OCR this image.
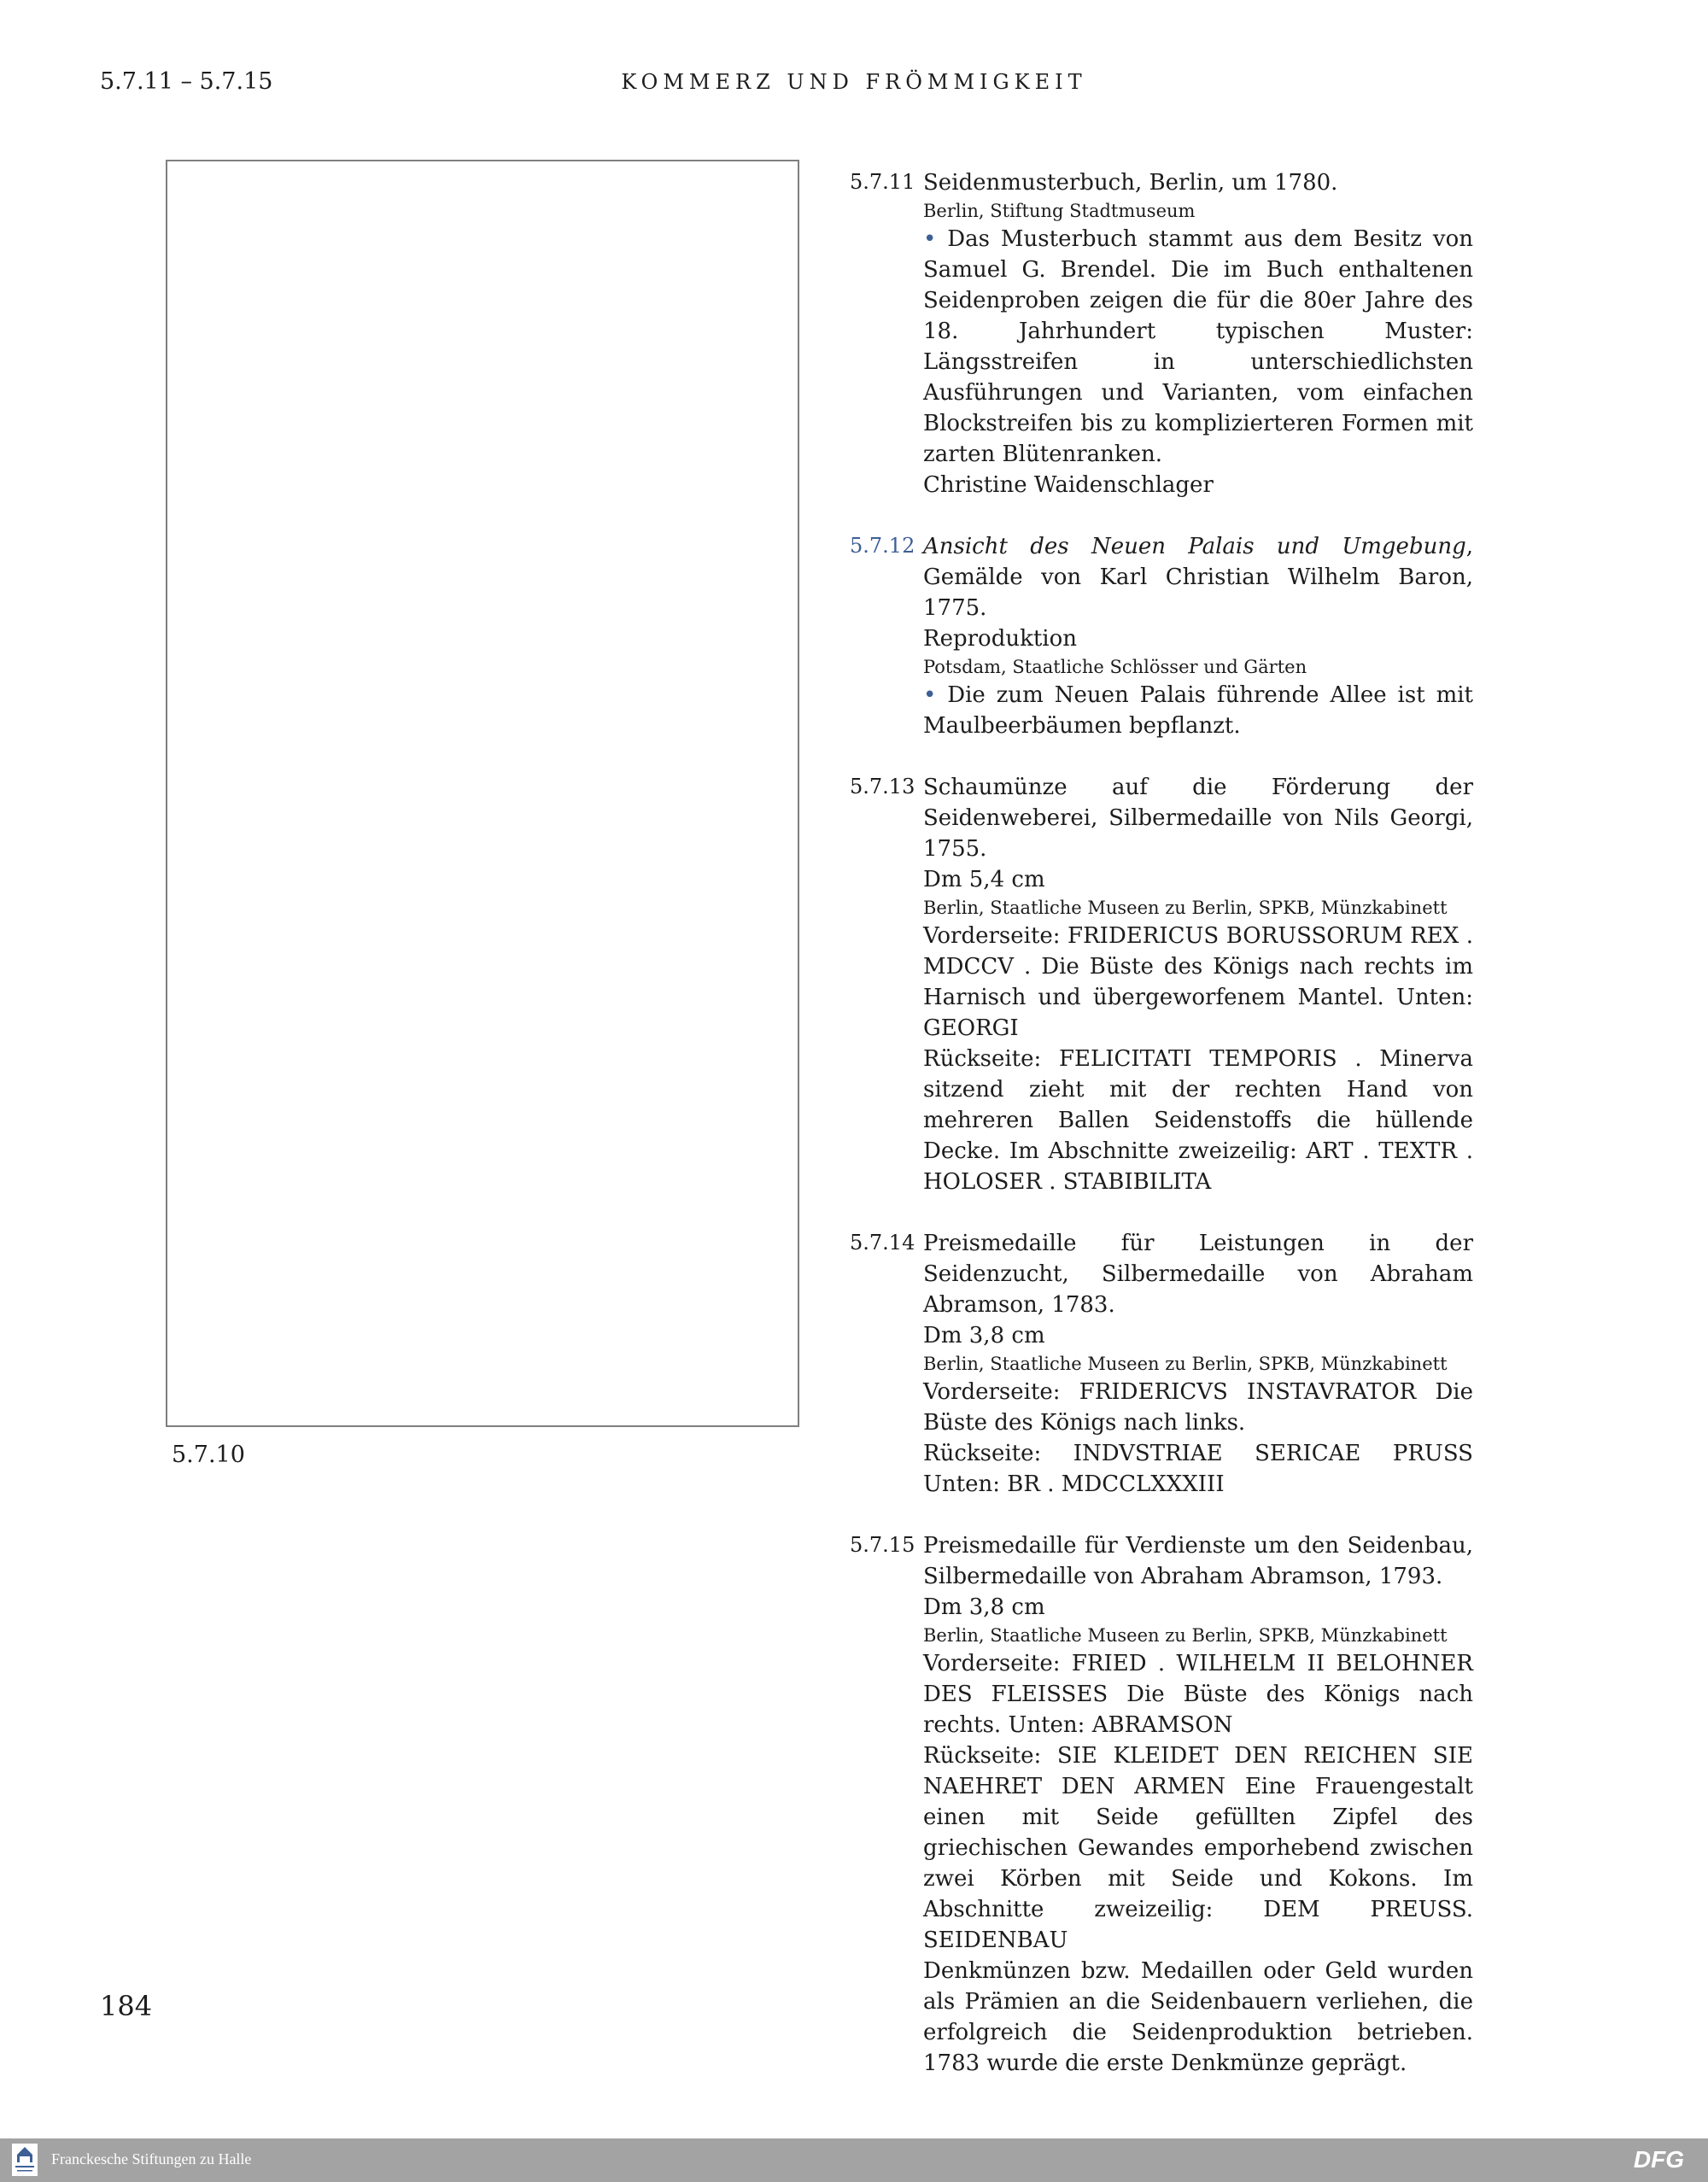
5.7.11 – 5.7.15	KOMMERZ UND FRÖMMIGKEIT
5.7.10
5.7.11 Seidenmusterbuch, Berlin, um 1780.
Berlin, Stiftung Stadtmuseum
• Das Musterbuch stammt aus dem Besitz von Samuel G. Brendel. Die im Buch enthaltenen Seidenproben zeigen die für die 80er Jahre des 18. Jahrhundert typischen Muster: Längsstreifen in unterschiedlichsten Ausführungen und Varianten, vom einfachen Blockstreifen bis zu komplizierteren Formen mit zarten Blütenranken.
Christine Waidenschlager
5.7.12 Ansicht des Neuen Palais und Umgebung, Gemälde von Karl Christian Wilhelm Baron, 1775.
Reproduktion
Potsdam, Staatliche Schlösser und Gärten
• Die zum Neuen Palais führende Allee ist mit Maulbeerbäumen bepflanzt.
5.7.13 Schaumünze auf die Förderung der Seidenweberei, Silbermedaille von Nils Georgi, 1755.
Dm 5,4 cm
Berlin, Staatliche Museen zu Berlin, SPKB, Münzkabinett
Vorderseite: FRIDERICUS BORUSSORUM REX . MDCCV . Die Büste des Königs nach rechts im Harnisch und übergeworfenem Mantel. Unten: GEORGI
Rückseite: FELICITATI TEMPORIS . Minerva sitzend zieht mit der rechten Hand von mehreren Ballen Seidenstoffs die hüllende Decke. Im Abschnitte zweizeilig: ART . TEXTR . HOLOSER . STABIBILITA
5.7.14 Preismedaille für Leistungen in der Seidenzucht, Silbermedaille von Abraham Abramson, 1783.
Dm 3,8 cm
Berlin, Staatliche Museen zu Berlin, SPKB, Münzkabinett
Vorderseite: FRIDERICVS INSTAVRATOR Die Büste des Königs nach links.
Rückseite: INDVSTRIAE SERICAE PRUSS Unten: BR . MDCCLXXXIII
5.7.15 Preismedaille für Verdienste um den Seidenbau, Silbermedaille von Abraham Abramson, 1793.
Dm 3,8 cm
Berlin, Staatliche Museen zu Berlin, SPKB, Münzkabinett
Vorderseite: FRIED . WILHELM II BELOHNER DES FLEISSES Die Büste des Königs nach rechts. Unten: ABRAMSON
Rückseite: SIE KLEIDET DEN REICHEN SIE NAEHRET DEN ARMEN Eine Frauengestalt einen mit Seide gefüllten Zipfel des griechischen Gewandes emporhebend zwischen zwei Körben mit Seide und Kokons. Im Abschnitte zweizeilig: DEM PREUSS. SEIDENBAU
Denkmünzen bzw. Medaillen oder Geld wurden als Prämien an die Seidenbauern verliehen, die erfolgreich die Seidenproduktion betrieben. 1783 wurde die erste Denkmünze geprägt.
184
Franckesche Stiftungen zu Halle	DFG
